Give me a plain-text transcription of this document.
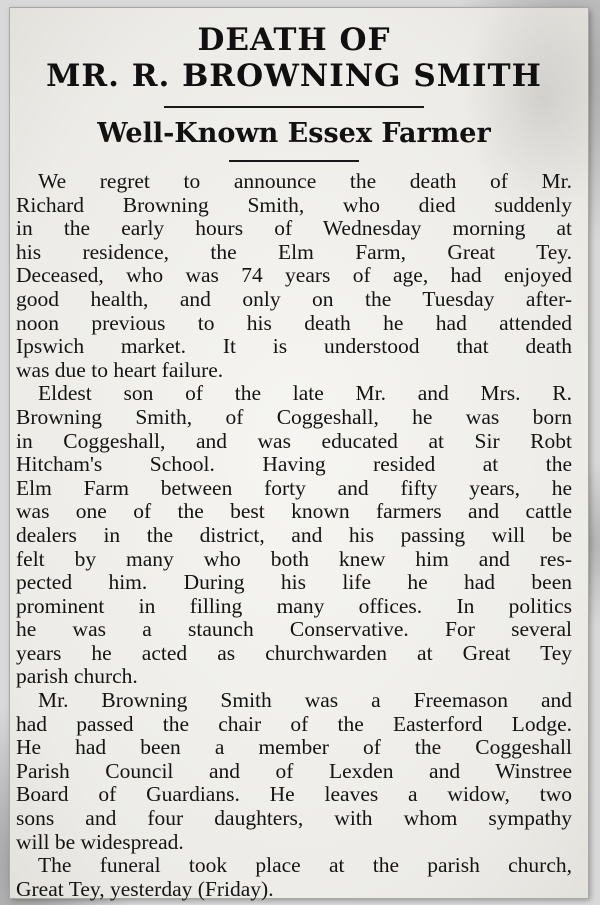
DEATH OF
MR. R. BROWNING SMITH
Well-Known Essex Farmer
We regret to announce the death of Mr.
Richard Browning Smith, who died suddenly
in the early hours of Wednesday morning at
his residence, the Elm Farm, Great Tey.
Deceased, who was 74 years of age, had enjoyed
good health, and only on the Tuesday after-
noon previous to his death he had attended
Ipswich market. It is understood that death
was due to heart failure.
Eldest son of the late Mr. and Mrs. R.
Browning Smith, of Coggeshall, he was born
in Coggeshall, and was educated at Sir Robt
Hitcham's School. Having resided at the
Elm Farm between forty and fifty years, he
was one of the best known farmers and cattle
dealers in the district, and his passing will be
felt by many who both knew him and res-
pected him. During his life he had been
prominent in filling many offices. In politics
he was a staunch Conservative. For several
years he acted as churchwarden at Great Tey
parish church.
Mr. Browning Smith was a Freemason and
had passed the chair of the Easterford Lodge.
He had been a member of the Coggeshall
Parish Council and of Lexden and Winstree
Board of Guardians. He leaves a widow, two
sons and four daughters, with whom sympathy
will be widespread.
The funeral took place at the parish church,
Great Tey, yesterday (Friday).
